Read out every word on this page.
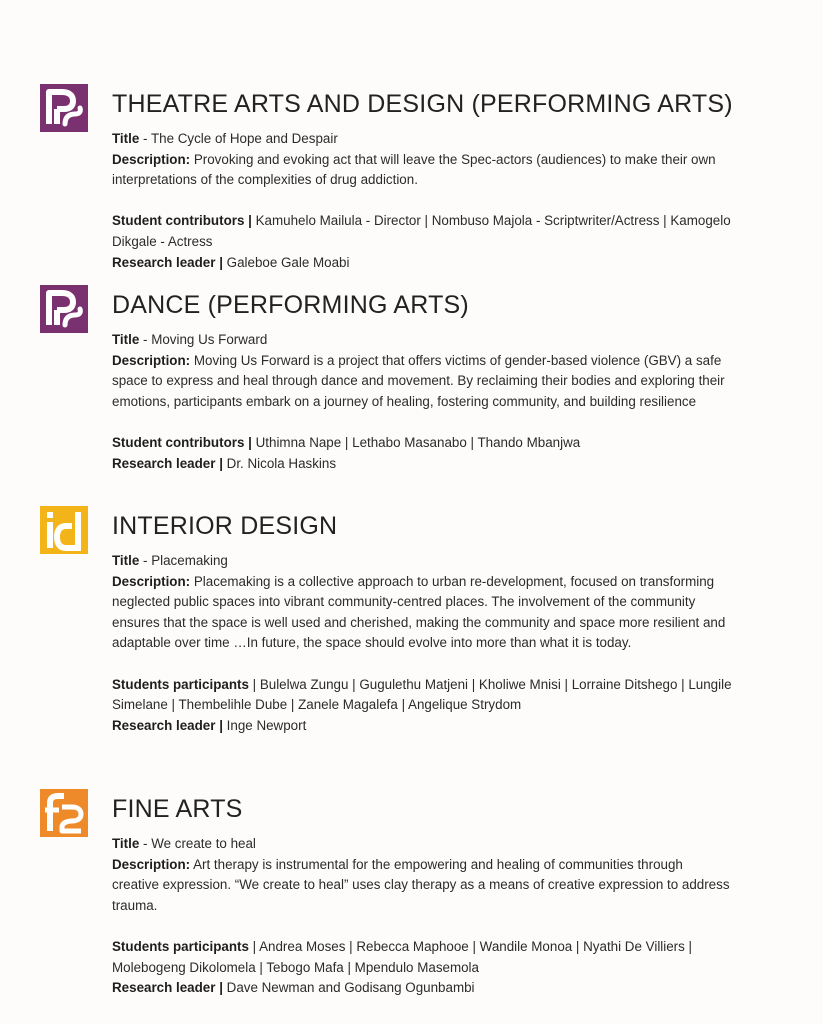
THEATRE ARTS AND DESIGN (PERFORMING ARTS)

Title - The Cycle of Hope and Despair

Description: Provoking and evoking act that will leave the Spec-actors (audiences) to make their own interpretations of the complexities of drug addiction.

Student contributors | Kamuhelo Mailula - Director | Nombuso Majola - Scriptwriter/Actress | Kamogelo Dikgale - Actress

Research leader | Galeboe Gale Moabi

DANCE (PERFORMING ARTS)

Title - Moving Us Forward

Description: Moving Us Forward is a project that offers victims of gender-based violence (GBV) a safe space to express and heal through dance and movement. By reclaiming their bodies and exploring their emotions, participants embark on a journey of healing, fostering community, and building resilience

Student contributors | Uthimna Nape | Lethabo Masanabo | Thando Mbanjwa

Research leader | Dr. Nicola Haskins

INTERIOR DESIGN

Title - Placemaking

Description: Placemaking is a collective approach to urban re-development, focused on transforming neglected public spaces into vibrant community-centred places. The involvement of the community ensures that the space is well used and cherished, making the community and space more resilient and adaptable over time …In future, the space should evolve into more than what it is today.

Students participants | Bulelwa Zungu | Gugulethu Matjeni | Kholiwe Mnisi | Lorraine Ditshego | Lungile Simelane | Thembelihle Dube | Zanele Magalefa | Angelique Strydom

Research leader | Inge Newport

FINE ARTS

Title - We create to heal

Description: Art therapy is instrumental for the empowering and healing of communities through creative expression. “We create to heal” uses clay therapy as a means of creative expression to address trauma.

Students participants | Andrea Moses | Rebecca Maphooe | Wandile Monoa | Nyathi De Villiers | Molebogeng Dikolomela | Tebogo Mafa | Mpendulo Masemola

Research leader | Dave Newman and Godisang Ogunbambi
